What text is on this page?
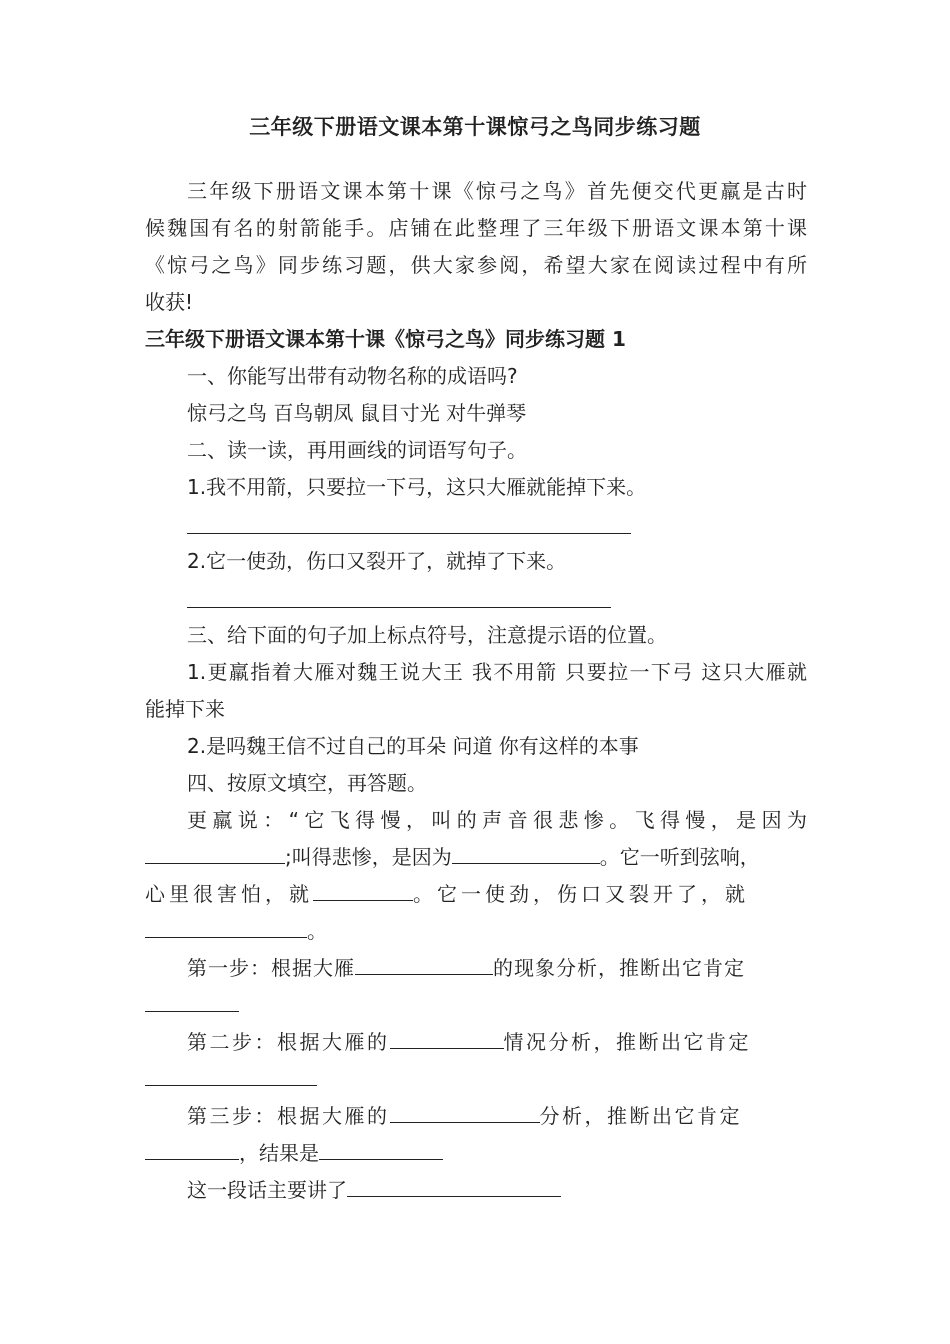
三年级下册语文课本第十课惊弓之鸟同步练习题
三年级下册语文课本第十课《惊弓之鸟》首先便交代更羸是古时
候魏国有名的射箭能手。店铺在此整理了三年级下册语文课本第十课
《惊弓之鸟》同步练习题，供大家参阅，希望大家在阅读过程中有所
收获!
三年级下册语文课本第十课《惊弓之鸟》同步练习题 1
一、你能写出带有动物名称的成语吗?
惊弓之鸟 百鸟朝凤 鼠目寸光 对牛弹琴
二、读一读，再用画线的词语写句子。
1.我不用箭，只要拉一下弓，这只大雁就能掉下来。
2.它一使劲，伤口又裂开了，就掉了下来。
三、给下面的句子加上标点符号，注意提示语的位置。
1.更羸指着大雁对魏王说大王 我不用箭 只要拉一下弓 这只大雁就
能掉下来
2.是吗魏王信不过自己的耳朵 问道 你有这样的本事
四、按原文填空，再答题。
更羸说：“它飞得慢，叫的声音很悲惨。飞得慢，是因为
;叫得悲惨，是因为	。它一听到弦响，
心里很害怕，就	。它一使劲，伤口又裂开了，就
。
第一步：根据大雁	的现象分析，推断出它肯定
第二步：根据大雁的	情况分析，推断出它肯定
第三步：根据大雁的	分析，推断出它肯定
，结果是
这一段话主要讲了
